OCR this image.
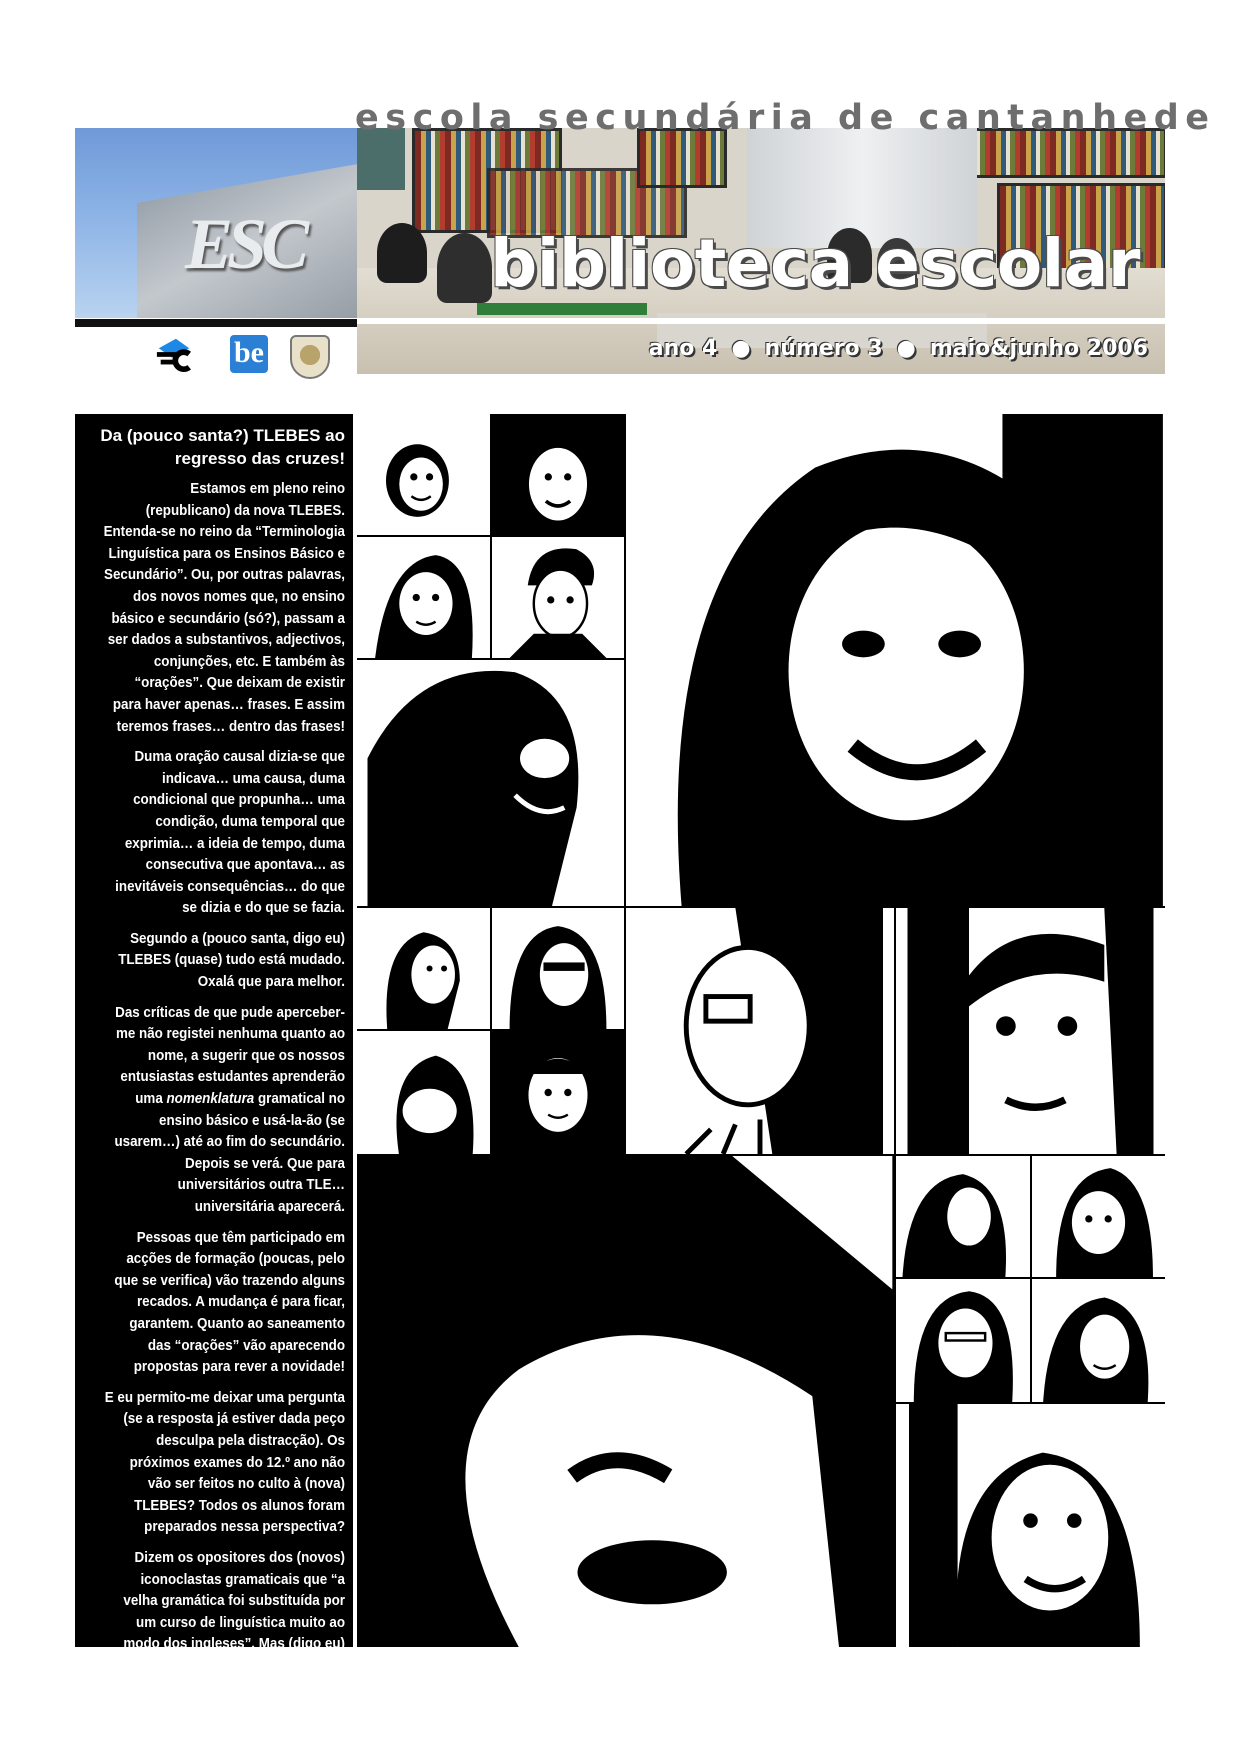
escola secundária de cantanhede
ESC	biblioteca escolar
ano 4 ● número 3 ● maio&junho 2006
be
Da (pouco santa?) TLEBES ao regresso das cruzes!

Estamos em pleno reino (republicano) da nova TLEBES. Entenda-se no reino da “Terminologia Linguística para os Ensinos Básico e Secundário”. Ou, por outras palavras, dos novos nomes que, no ensino básico e secundário (só?), passam a ser dados a substantivos, adjectivos, conjunções, etc. E também às “orações”. Que deixam de existir para haver apenas… frases. E assim teremos frases… dentro das frases!

Duma oração causal dizia-se que indicava… uma causa, duma condicional que propunha… uma condição, duma temporal que exprimia… a ideia de tempo, duma consecutiva que apontava… as inevitáveis consequências… do que se dizia e do que se fazia.

Segundo a (pouco santa, digo eu) TLEBES (quase) tudo está mudado. Oxalá que para melhor.

Das críticas de que pude aperceber-me não registei nenhuma quanto ao nome, a sugerir que os nossos entusiastas estudantes aprenderão uma nomenklatura gramatical no ensino básico e usá-la-ão (se usarem…) até ao fim do secundário. Depois se verá. Que para universitários outra TLE… universitária aparecerá.

Pessoas que têm participado em acções de formação (poucas, pelo que se verifica) vão trazendo alguns recados. A mudança é para ficar, garantem. Quanto ao saneamento das “orações” vão aparecendo propostas para rever a novidade!

E eu permito-me deixar uma pergunta (se a resposta já estiver dada peço desculpa pela distracção). Os próximos exames do 12.º ano não vão ser feitos no culto à (nova) TLEBES? Todos os alunos foram preparados nessa perspectiva?

Dizem os opositores dos (novos) iconoclastas gramaticais que “a velha gramática foi substituída por um curso de linguística muito ao modo dos ingleses”. Mas (digo eu) pior que isso serão as indecisões, os atrasos nos esclarecimentos, as dúvidas que pairam. [P.10]
